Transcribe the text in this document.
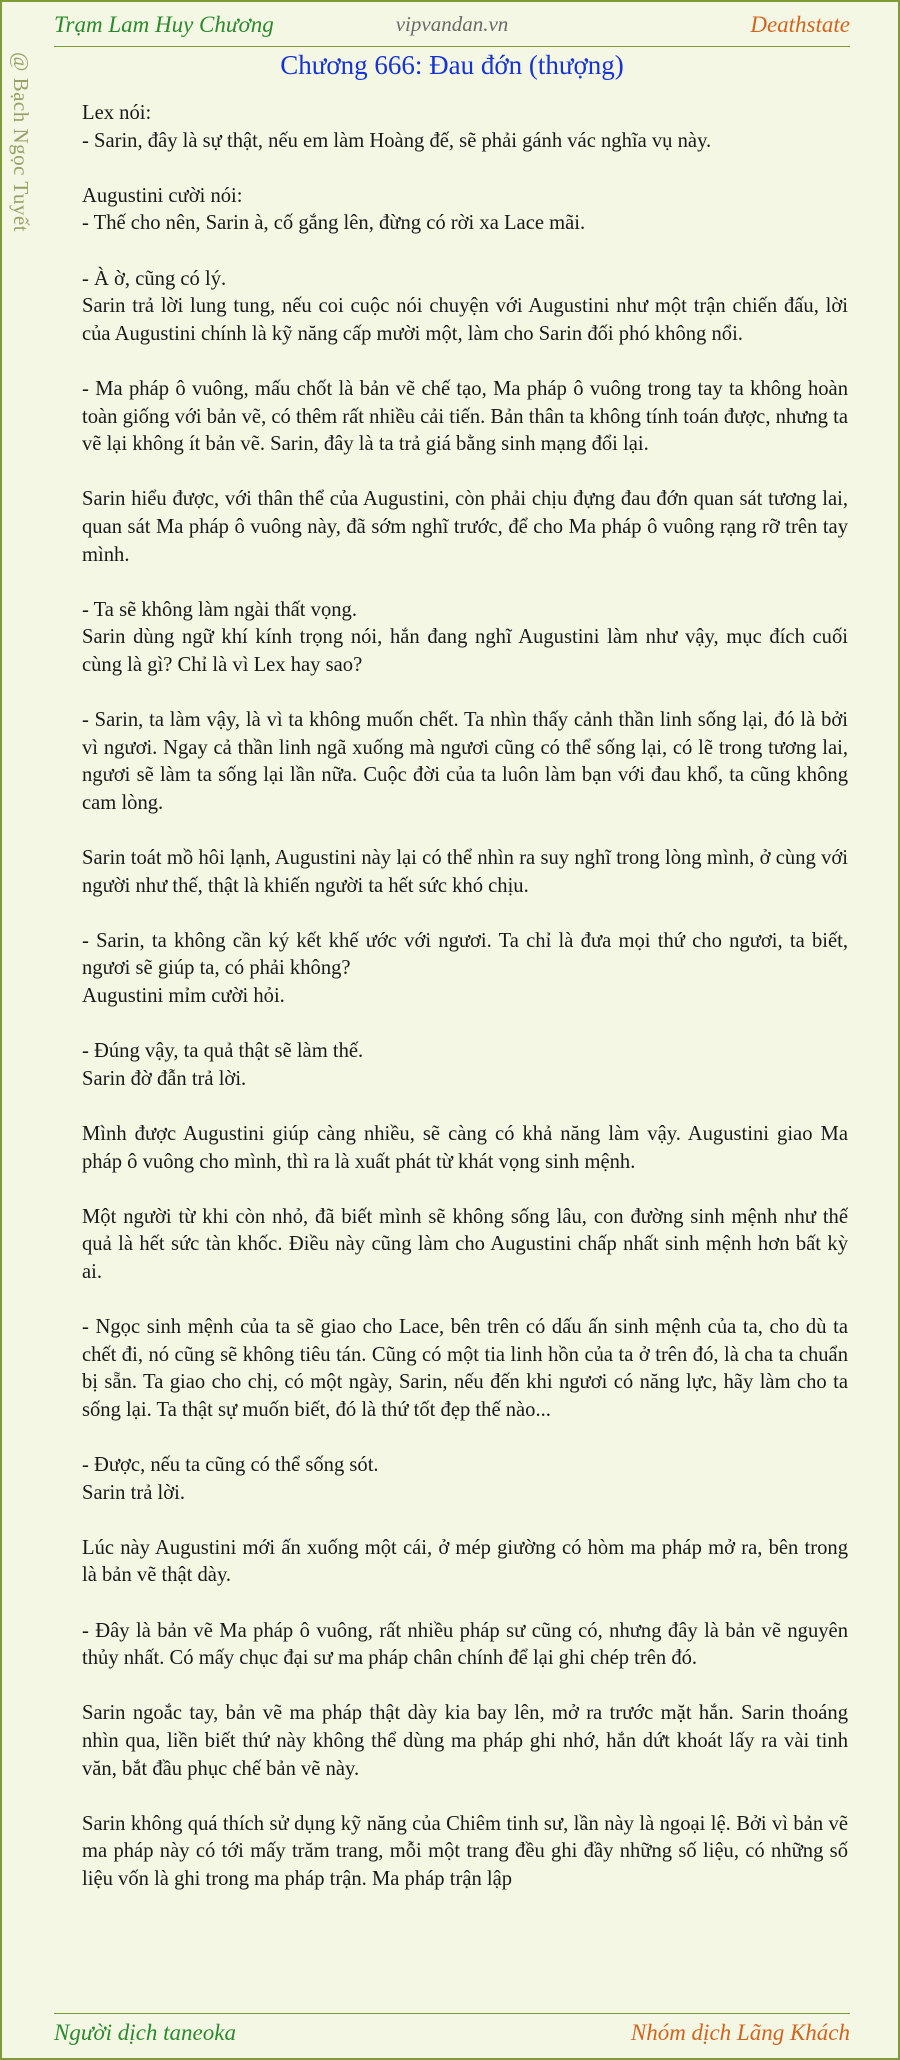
Trạm Lam Huy Chương	vipvandan.vn	Deathstate
@ Bạch Ngọc Tuyết	Chương 666: Đau đớn (thượng)

Lex nói:

- Sarin, đây là sự thật, nếu em làm Hoàng đế, sẽ phải gánh vác nghĩa vụ này.

Augustini cười nói:

- Thế cho nên, Sarin à, cố gắng lên, đừng có rời xa Lace mãi.

- À ờ, cũng có lý.

Sarin trả lời lung tung, nếu coi cuộc nói chuyện với Augustini như một trận chiến đấu, lời của Augustini chính là kỹ năng cấp mười một, làm cho Sarin đối phó không nổi.

- Ma pháp ô vuông, mấu chốt là bản vẽ chế tạo, Ma pháp ô vuông trong tay ta không hoàn toàn giống với bản vẽ, có thêm rất nhiều cải tiến. Bản thân ta không tính toán được, nhưng ta vẽ lại không ít bản vẽ. Sarin, đây là ta trả giá bằng sinh mạng đổi lại.

Sarin hiểu được, với thân thể của Augustini, còn phải chịu đựng đau đớn quan sát tương lai, quan sát Ma pháp ô vuông này, đã sớm nghĩ trước, để cho Ma pháp ô vuông rạng rỡ trên tay mình.

- Ta sẽ không làm ngài thất vọng.

Sarin dùng ngữ khí kính trọng nói, hắn đang nghĩ Augustini làm như vậy, mục đích cuối cùng là gì? Chỉ là vì Lex hay sao?

- Sarin, ta làm vậy, là vì ta không muốn chết. Ta nhìn thấy cảnh thần linh sống lại, đó là bởi vì ngươi. Ngay cả thần linh ngã xuống mà ngươi cũng có thể sống lại, có lẽ trong tương lai, ngươi sẽ làm ta sống lại lần nữa. Cuộc đời của ta luôn làm bạn với đau khổ, ta cũng không cam lòng.

Sarin toát mồ hôi lạnh, Augustini này lại có thể nhìn ra suy nghĩ trong lòng mình, ở cùng với người như thế, thật là khiến người ta hết sức khó chịu.

- Sarin, ta không cần ký kết khế ước với ngươi. Ta chỉ là đưa mọi thứ cho ngươi, ta biết, ngươi sẽ giúp ta, có phải không?

Augustini mỉm cười hỏi.

- Đúng vậy, ta quả thật sẽ làm thế.

Sarin đờ đẫn trả lời.

Mình được Augustini giúp càng nhiều, sẽ càng có khả năng làm vậy. Augustini giao Ma pháp ô vuông cho mình, thì ra là xuất phát từ khát vọng sinh mệnh.

Một người từ khi còn nhỏ, đã biết mình sẽ không sống lâu, con đường sinh mệnh như thế quả là hết sức tàn khốc. Điều này cũng làm cho Augustini chấp nhất sinh mệnh hơn bất kỳ ai.

- Ngọc sinh mệnh của ta sẽ giao cho Lace, bên trên có dấu ấn sinh mệnh của ta, cho dù ta chết đi, nó cũng sẽ không tiêu tán. Cũng có một tia linh hồn của ta ở trên đó, là cha ta chuẩn bị sẵn. Ta giao cho chị, có một ngày, Sarin, nếu đến khi ngươi có năng lực, hãy làm cho ta sống lại. Ta thật sự muốn biết, đó là thứ tốt đẹp thế nào...

- Được, nếu ta cũng có thể sống sót.

Sarin trả lời.

Lúc này Augustini mới ấn xuống một cái, ở mép giường có hòm ma pháp mở ra, bên trong là bản vẽ thật dày.

- Đây là bản vẽ Ma pháp ô vuông, rất nhiều pháp sư cũng có, nhưng đây là bản vẽ nguyên thủy nhất. Có mấy chục đại sư ma pháp chân chính để lại ghi chép trên đó.

Sarin ngoắc tay, bản vẽ ma pháp thật dày kia bay lên, mở ra trước mặt hắn. Sarin thoáng nhìn qua, liền biết thứ này không thể dùng ma pháp ghi nhớ, hắn dứt khoát lấy ra vài tinh văn, bắt đầu phục chế bản vẽ này.

Sarin không quá thích sử dụng kỹ năng của Chiêm tinh sư, lần này là ngoại lệ. Bởi vì bản vẽ ma pháp này có tới mấy trăm trang, mỗi một trang đều ghi đầy những số liệu, có những số liệu vốn là ghi trong ma pháp trận. Ma pháp trận lập

Người dịch taneoka	Nhóm dịch Lãng Khách
